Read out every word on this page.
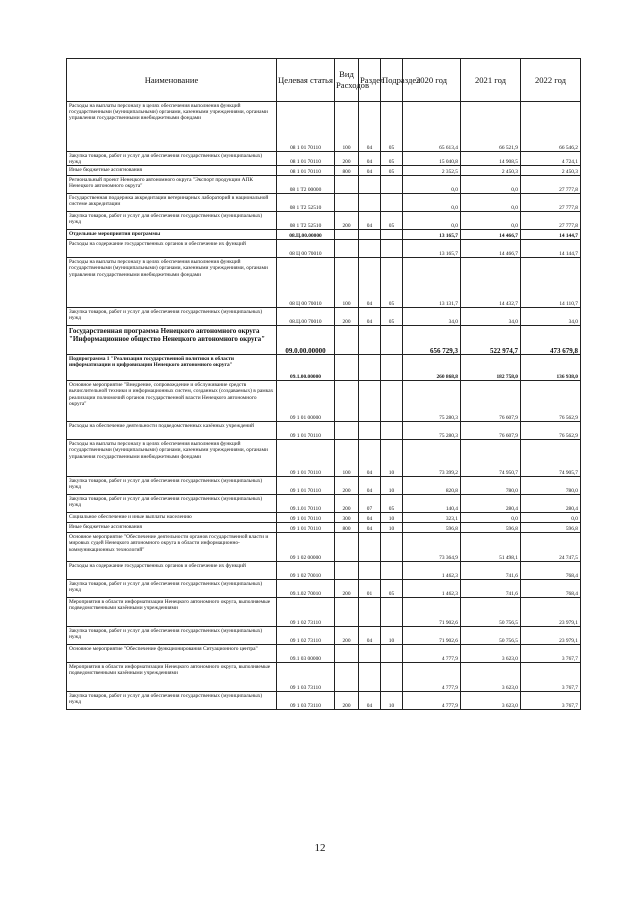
Наименование	Целевая статья	Вид Расходов	Раздел	Подраздел	2020 год	2021 год	2022 год
Расходы на выплаты персоналу в целях обеспечения выполнения функций государственными (муниципальными) органами, казенными учреждениями, органами управления государственными внебюджетными фондами	08 1 01 70110	100	04	05	65 613,4	66 521,9	66 546,2
Закупка товаров, работ и услуг для обеспечения государственных (муниципальных) нужд	08 1 01 70110	200	04	05	15 040,8	14 908,5	4 724,1
Иные бюджетные ассигнования	08 1 01 70110	800	04	05	2 352,5	2 450,3	2 450,3
Региональный проект Ненецкого автономного округа "Экспорт продукции АПК Ненецкого автономного округа"	08 1 Т2 00000				0,0	0,0	27 777,8
Государственная поддержка аккредитации ветеринарных лабораторий в национальной системе аккредитации	08 1 Т2 52510				0,0	0,0	27 777,8
Закупка товаров, работ и услуг для обеспечения государственных (муниципальных) нужд	08 1 Т2 52510	200	04	05	0,0	0,0	27 777,8
Отдельные мероприятия программы	08.Ц.00.00000				13 165,7	14 466,7	14 144,7
Расходы на содержание государственных органов и обеспечение их функций	08 Ц 00 70010				13 165,7	14 466,7	14 144,7
Расходы на выплаты персоналу в целях обеспечения выполнения функций государственными (муниципальными) органами, казенными учреждениями, органами управления государственными внебюджетными фондами	08 Ц 00 70010	100	04	05	13 131,7	14 432,7	14 110,7
Закупка товаров, работ и услуг для обеспечения государственных (муниципальных) нужд	08.Ц.00 70010	200	04	05	34,0	34,0	34,0
Государственная программа Ненецкого автономного округа "Информационное общество Ненецкого автономного округа"	09.0.00.00000				656 729,3	522 974,7	473 679,8
Подпрограмма 1 "Реализация государственной политики в области информатизации и цифровизации Ненецкого автономного округа"	09.1.00.00000				260 868,8	182 758,0	136 938,0
Основное мероприятие "Внедрение, сопровождение и обслуживание средств вычислительной техники и информационных систем, созданных (создаваемых) в рамках реализации полномочий органов государственной власти Ненецкого автономного округа"	09 1 01 00000				75 280,3	76 607,9	76 562,9
Расходы на обеспечение деятельности подведомственных казённых учреждений	09 1 01 70110				75 280,3	76 607,9	76 562,9
Расходы на выплаты персоналу в целях обеспечения выполнения функций государственными (муниципальными) органами, казенными учреждениями, органами управления государственными внебюджетными фондами	09 1 01 70110	100	04	10	73 399,2	74 950,7	74 905,7
Закупка товаров, работ и услуг для обеспечения государственных (муниципальных) нужд	09 1 01 70110	200	04	10	820,8	780,0	780,0
Закупка товаров, работ и услуг для обеспечения государственных (муниципальных) нужд	09.1.01 70110	200	07	05	140,4	280,4	280,4
Социальное обеспечение и иные выплаты населению	09 1 01 70110	300	04	10	323,1	0,0	0,0
Иные бюджетные ассигнования	09 1 01 70110	800	04	10	596,8	596,8	596,8
Основное мероприятие "Обеспечение деятельности органов государственной власти и мировых судей Ненецкого автономного округа в области информационно-коммуникационных технологий"	09 1 02 00000				73 364,9	51 498,1	24 747,5
Расходы на содержание государственных органов и обеспечение их функций	09 1 02 70010				1 462,3	741,6	768,4
Закупка товаров, работ и услуг для обеспечения государственных (муниципальных) нужд	09.1.02 70010	200	01	05	1 462,3	741,6	768,4
Мероприятия в области информатизации Ненецкого автономного округа, выполняемые подведомственными казёнными учреждениями	09 1 02 73110				71 902,6	50 756,5	23 979,1
Закупка товаров, работ и услуг для обеспечения государственных (муниципальных) нужд	09 1 02 73110	200	04	10	71 902,6	50 756,5	23 979,1
Основное мероприятие "Обеспечение функционирования Ситуационного центра"	09.1 03 00000				4 777,9	3 623,0	3 767,7
Мероприятия в области информатизации Ненецкого автономного округа, выполняемые подведомственными казёнными учреждениями	09 1 03 73110				4 777,9	3 623,0	3 767,7
Закупка товаров, работ и услуг для обеспечения государственных (муниципальных) нужд	09 1 03 73110	200	04	10	4 777,9	3 623,0	3 767,7
12
